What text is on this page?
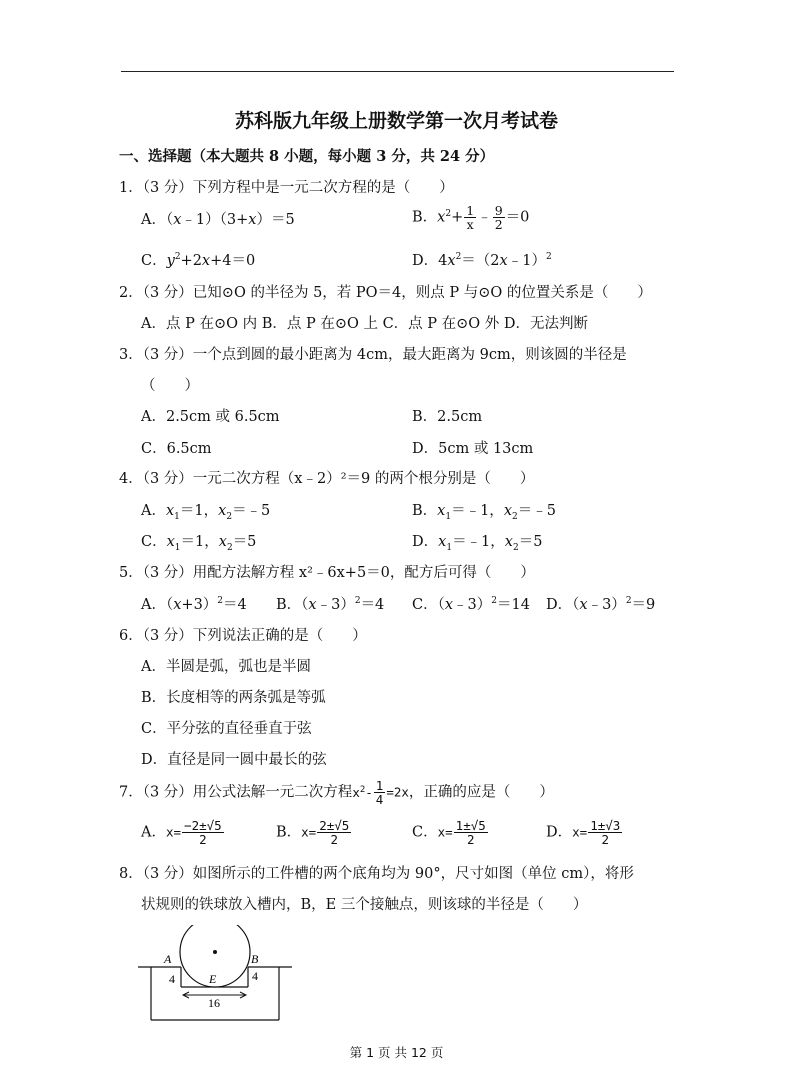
苏科版九年级上册数学第一次月考试卷
一、选择题（本大题共 8 小题，每小题 3 分，共 24 分）
1．（3 分）下列方程中是一元二次方程的是（　　）
A．（x﹣1）（3+x）＝5	B．$x^2+ \frac{1}{x}$ ﹣ $\frac{9}{2} =0$
C．$y^2+2x+4=0$	D．$4x^2=(2x﹣1)^2$
2．（3 分）已知⊙O 的半径为 5，若 PO＝4，则点 P 与⊙O 的位置关系是（　　）
A．点 P 在⊙O 内 B．点 P 在⊙O 上 C．点 P 在⊙O 外 D．无法判断
3．（3 分）一个点到圆的最小距离为 4cm，最大距离为 9cm，则该圆的半径是
（　　）
A．2.5cm 或 6.5cm	B．2.5cm
C．6.5cm	D．5cm 或 13cm
4．（3 分）一元二次方程（x﹣2）²＝9 的两个根分别是（　　）
A．$x_1=1$，$x_2=﹣5$	B．$x_1=﹣1$，$x_2=﹣5$
C．$x_1=1$，$x_2=5$	D．$x_1=﹣1$，$x_2=5$
5．（3 分）用配方法解方程 x²﹣6x+5＝0，配方后可得（　　）
A．$(x+3)^2=4$ B．（x﹣3）$^2$＝4 C．（x﹣3）$^2$＝14 D．（x﹣3）$^2$＝9
6．（3 分）下列说法正确的是（　　）
A．半圆是弧，弧也是半圆
B．长度相等的两条弧是等弧
C．平分弦的直径垂直于弦
D．直径是同一圆中最长的弦
7．（3 分）用公式法解一元二次方程$x^2- \frac{1}{4} =2x$，正确的应是（　　）
A．$x= \frac{-2\pm√5}{2}$	B．$x= \frac{2\pm√5}{2}$	C．$x= \frac{1\pm√5}{2}$	D．$x= \frac{1\pm√3}{2}$
8．（3 分）如图所示的工件槽的两个底角均为 90°，尺寸如图（单位 cm），将形
状规则的铁球放入槽内，B，E 三个接触点，则该球的半径是（　　）
A	B
E
4	4
16
第 1 页 共 12 页
